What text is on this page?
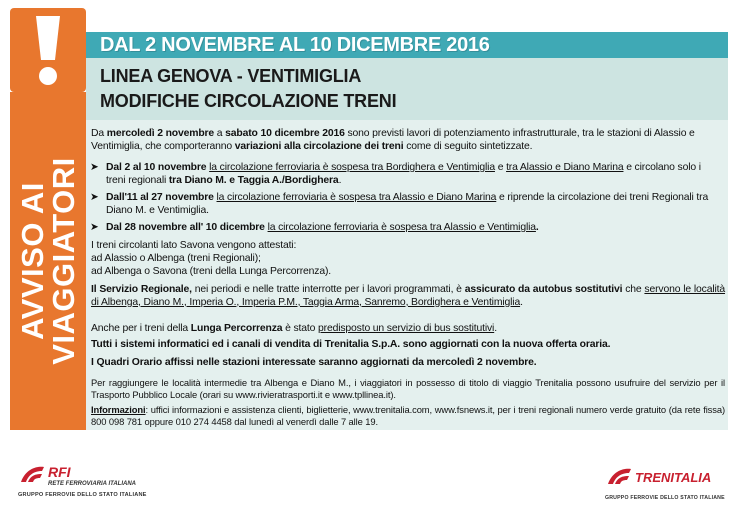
DAL 2 NOVEMBRE AL 10 DICEMBRE 2016
LINEA GENOVA - VENTIMIGLIA
MODIFICHE CIRCOLAZIONE TRENI
AVVISO AI
VIAGGIATORI
Da mercoledì 2 novembre a sabato 10 dicembre 2016 sono previsti lavori di potenziamento infrastrutturale, tra le stazioni di Alassio e Ventimiglia, che comporteranno variazioni alla circolazione dei treni come di seguito sintetizzate.
➤ Dal 2 al 10 novembre la circolazione ferroviaria è sospesa tra Bordighera e Ventimiglia e tra Alassio e Diano Marina e circolano solo i treni regionali tra Diano M. e Taggia A./Bordighera.
➤ Dall'11 al 27 novembre la circolazione ferroviaria è sospesa tra Alassio e Diano Marina e riprende la circolazione dei treni Regionali tra Diano M. e Ventimiglia.
➤ Dal 28 novembre all' 10 dicembre la circolazione ferroviaria è sospesa tra Alassio e Ventimiglia.
I treni circolanti lato Savona vengono attestati:
ad Alassio o Albenga (treni Regionali);
ad Albenga o Savona (treni della Lunga Percorrenza).
Il Servizio Regionale, nei periodi e nelle tratte interrotte per i lavori programmati, è assicurato da autobus sostitutivi che servono le località di Albenga, Diano M., Imperia O., Imperia P.M., Taggia Arma, Sanremo, Bordighera e Ventimiglia.
Anche per i treni della Lunga Percorrenza è stato predisposto un servizio di bus sostitutivi.
Tutti i sistemi informatici ed i canali di vendita di Trenitalia S.p.A. sono aggiornati con la nuova offerta oraria.
I Quadri Orario affissi nelle stazioni interessate saranno aggiornati da mercoledì 2 novembre.
Per raggiungere le località intermedie tra Albenga e Diano M., i viaggiatori in possesso di titolo di viaggio Trenitalia possono usufruire del servizio per il Trasporto Pubblico Locale (orari su www.rivieratrasporti.it e www.tpllinea.it).
Informazioni: uffici informazioni e assistenza clienti, biglietterie, www.trenitalia.com, www.fsnews.it, per i treni regionali numero verde gratuito (da rete fissa) 800 098 781 oppure 010 274 4458 dal lunedì al venerdì dalle 7 alle 19.
RFI
RETE FERROVIARIA ITALIANA
GRUPPO FERROVIE DELLO STATO ITALIANE
TRENITALIA
GRUPPO FERROVIE DELLO STATO ITALIANE
